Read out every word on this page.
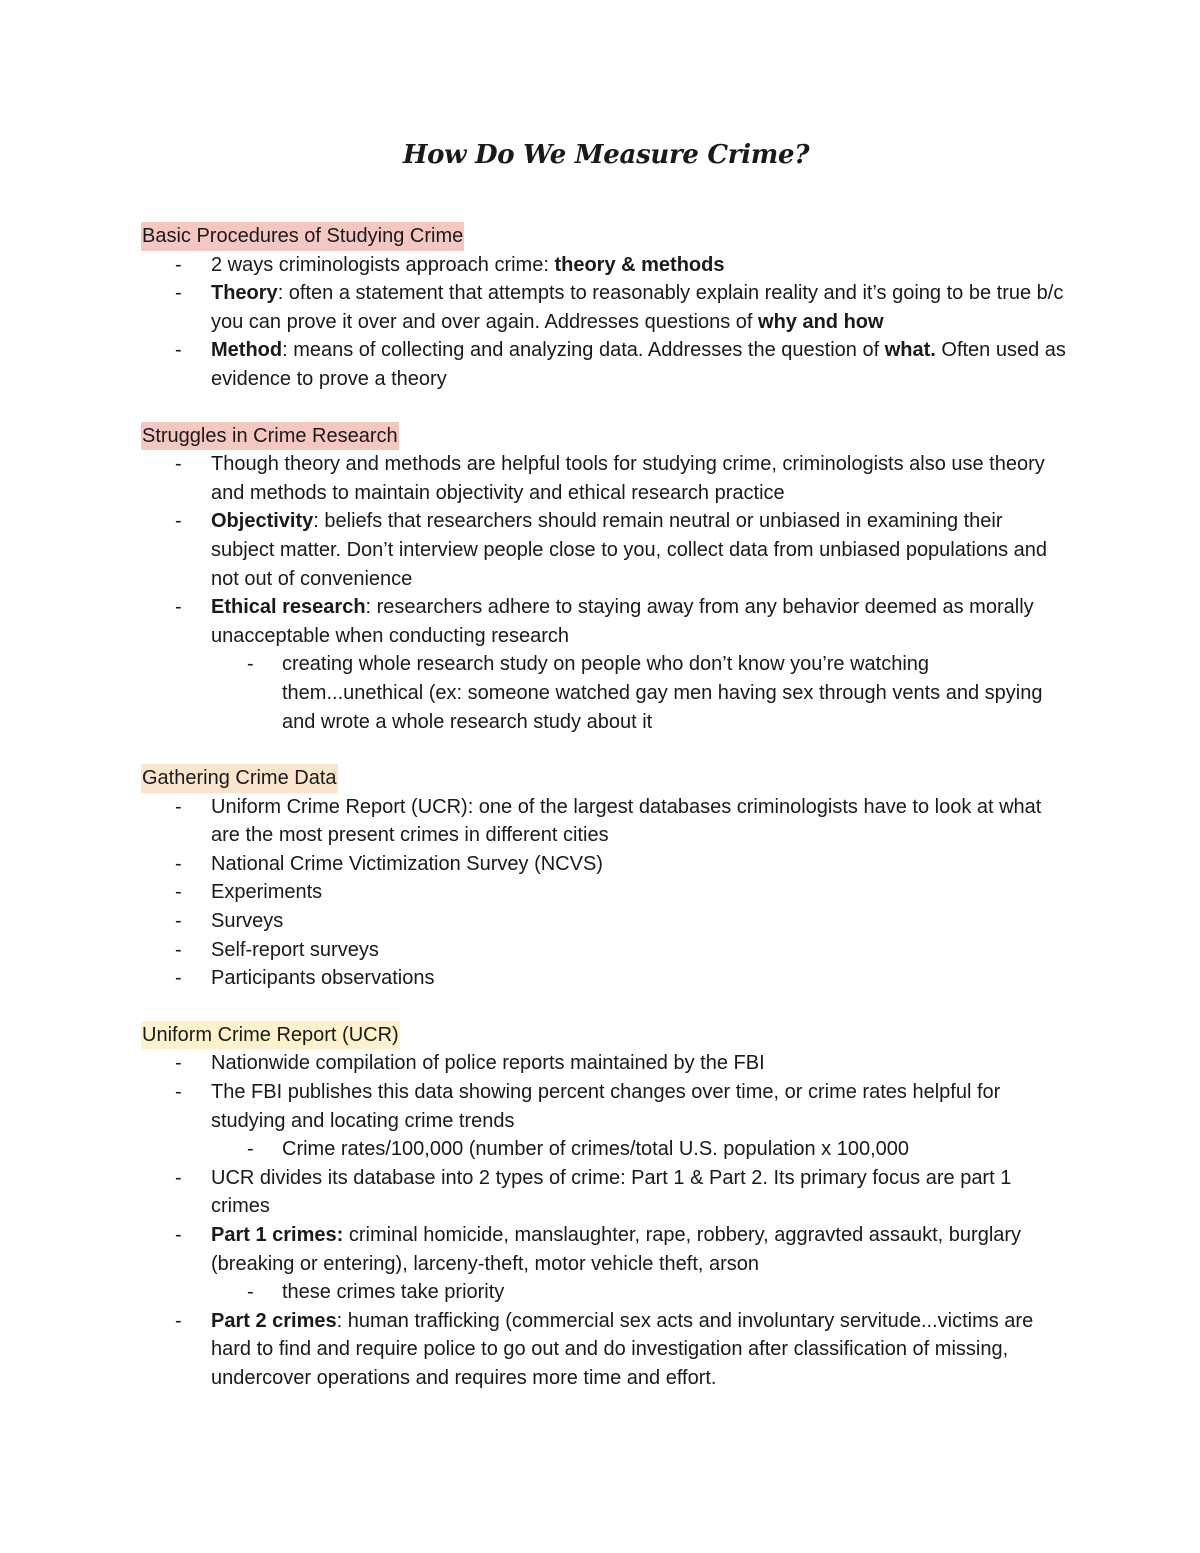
How Do We Measure Crime?
Basic Procedures of Studying Crime
- 2 ways criminologists approach crime: theory & methods
- Theory: often a statement that attempts to reasonably explain reality and it’s going to be true b/c you can prove it over and over again. Addresses questions of why and how
- Method: means of collecting and analyzing data. Addresses the question of what. Often used as evidence to prove a theory
Struggles in Crime Research
- Though theory and methods are helpful tools for studying crime, criminologists also use theory and methods to maintain objectivity and ethical research practice
- Objectivity: beliefs that researchers should remain neutral or unbiased in examining their subject matter. Don’t interview people close to you, collect data from unbiased populations and not out of convenience
- Ethical research: researchers adhere to staying away from any behavior deemed as morally unacceptable when conducting research
- creating whole research study on people who don’t know you’re watching them...unethical (ex: someone watched gay men having sex through vents and spying and wrote a whole research study about it
Gathering Crime Data
- Uniform Crime Report (UCR): one of the largest databases criminologists have to look at what are the most present crimes in different cities
- National Crime Victimization Survey (NCVS)
- Experiments
- Surveys
- Self-report surveys
- Participants observations
Uniform Crime Report (UCR)
- Nationwide compilation of police reports maintained by the FBI
- The FBI publishes this data showing percent changes over time, or crime rates helpful for studying and locating crime trends
- Crime rates/100,000 (number of crimes/total U.S. population x 100,000
- UCR divides its database into 2 types of crime: Part 1 & Part 2. Its primary focus are part 1 crimes
- Part 1 crimes: criminal homicide, manslaughter, rape, robbery, aggravted assaukt, burglary (breaking or entering), larceny-theft, motor vehicle theft, arson
- these crimes take priority
- Part 2 crimes: human trafficking (commercial sex acts and involuntary servitude...victims are hard to find and require police to go out and do investigation after classification of missing, undercover operations and requires more time and effort.
